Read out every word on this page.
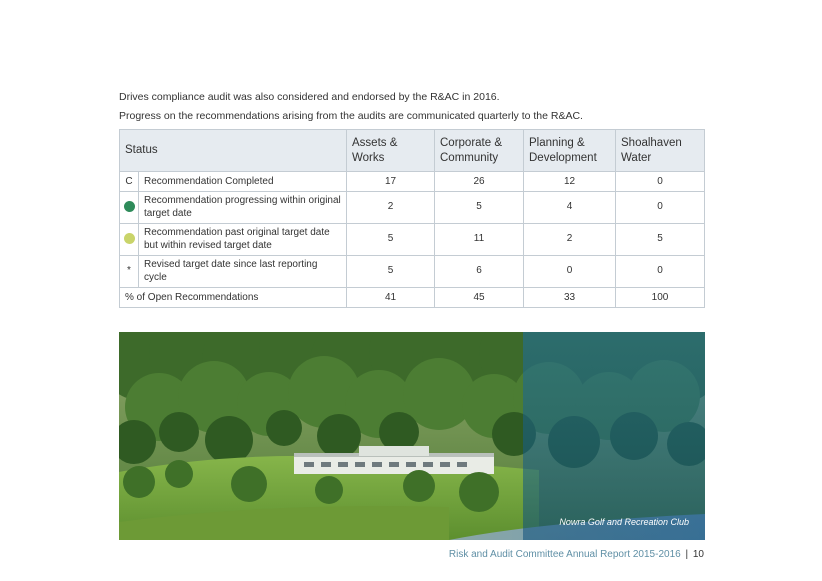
Drives compliance audit was also considered and endorsed by the R&AC in 2016.

Progress on the recommendations arising from the audits are communicated quarterly to the R&AC.

Status		Assets & Works	Corporate & Community	Planning & Development	Shoalhaven Water
C	Recommendation Completed	17	26	12	0
	Recommendation progressing within original target date	2	5	4	0
	Recommendation past original target date but within revised target date	5	11	2	5
*	Revised target date since last reporting cycle	5	6	0	0
% of Open Recommendations		41	45	33	100
Nowra Golf and Recreation Club
Risk and Audit Committee Annual Report 2015-2016 | 10
